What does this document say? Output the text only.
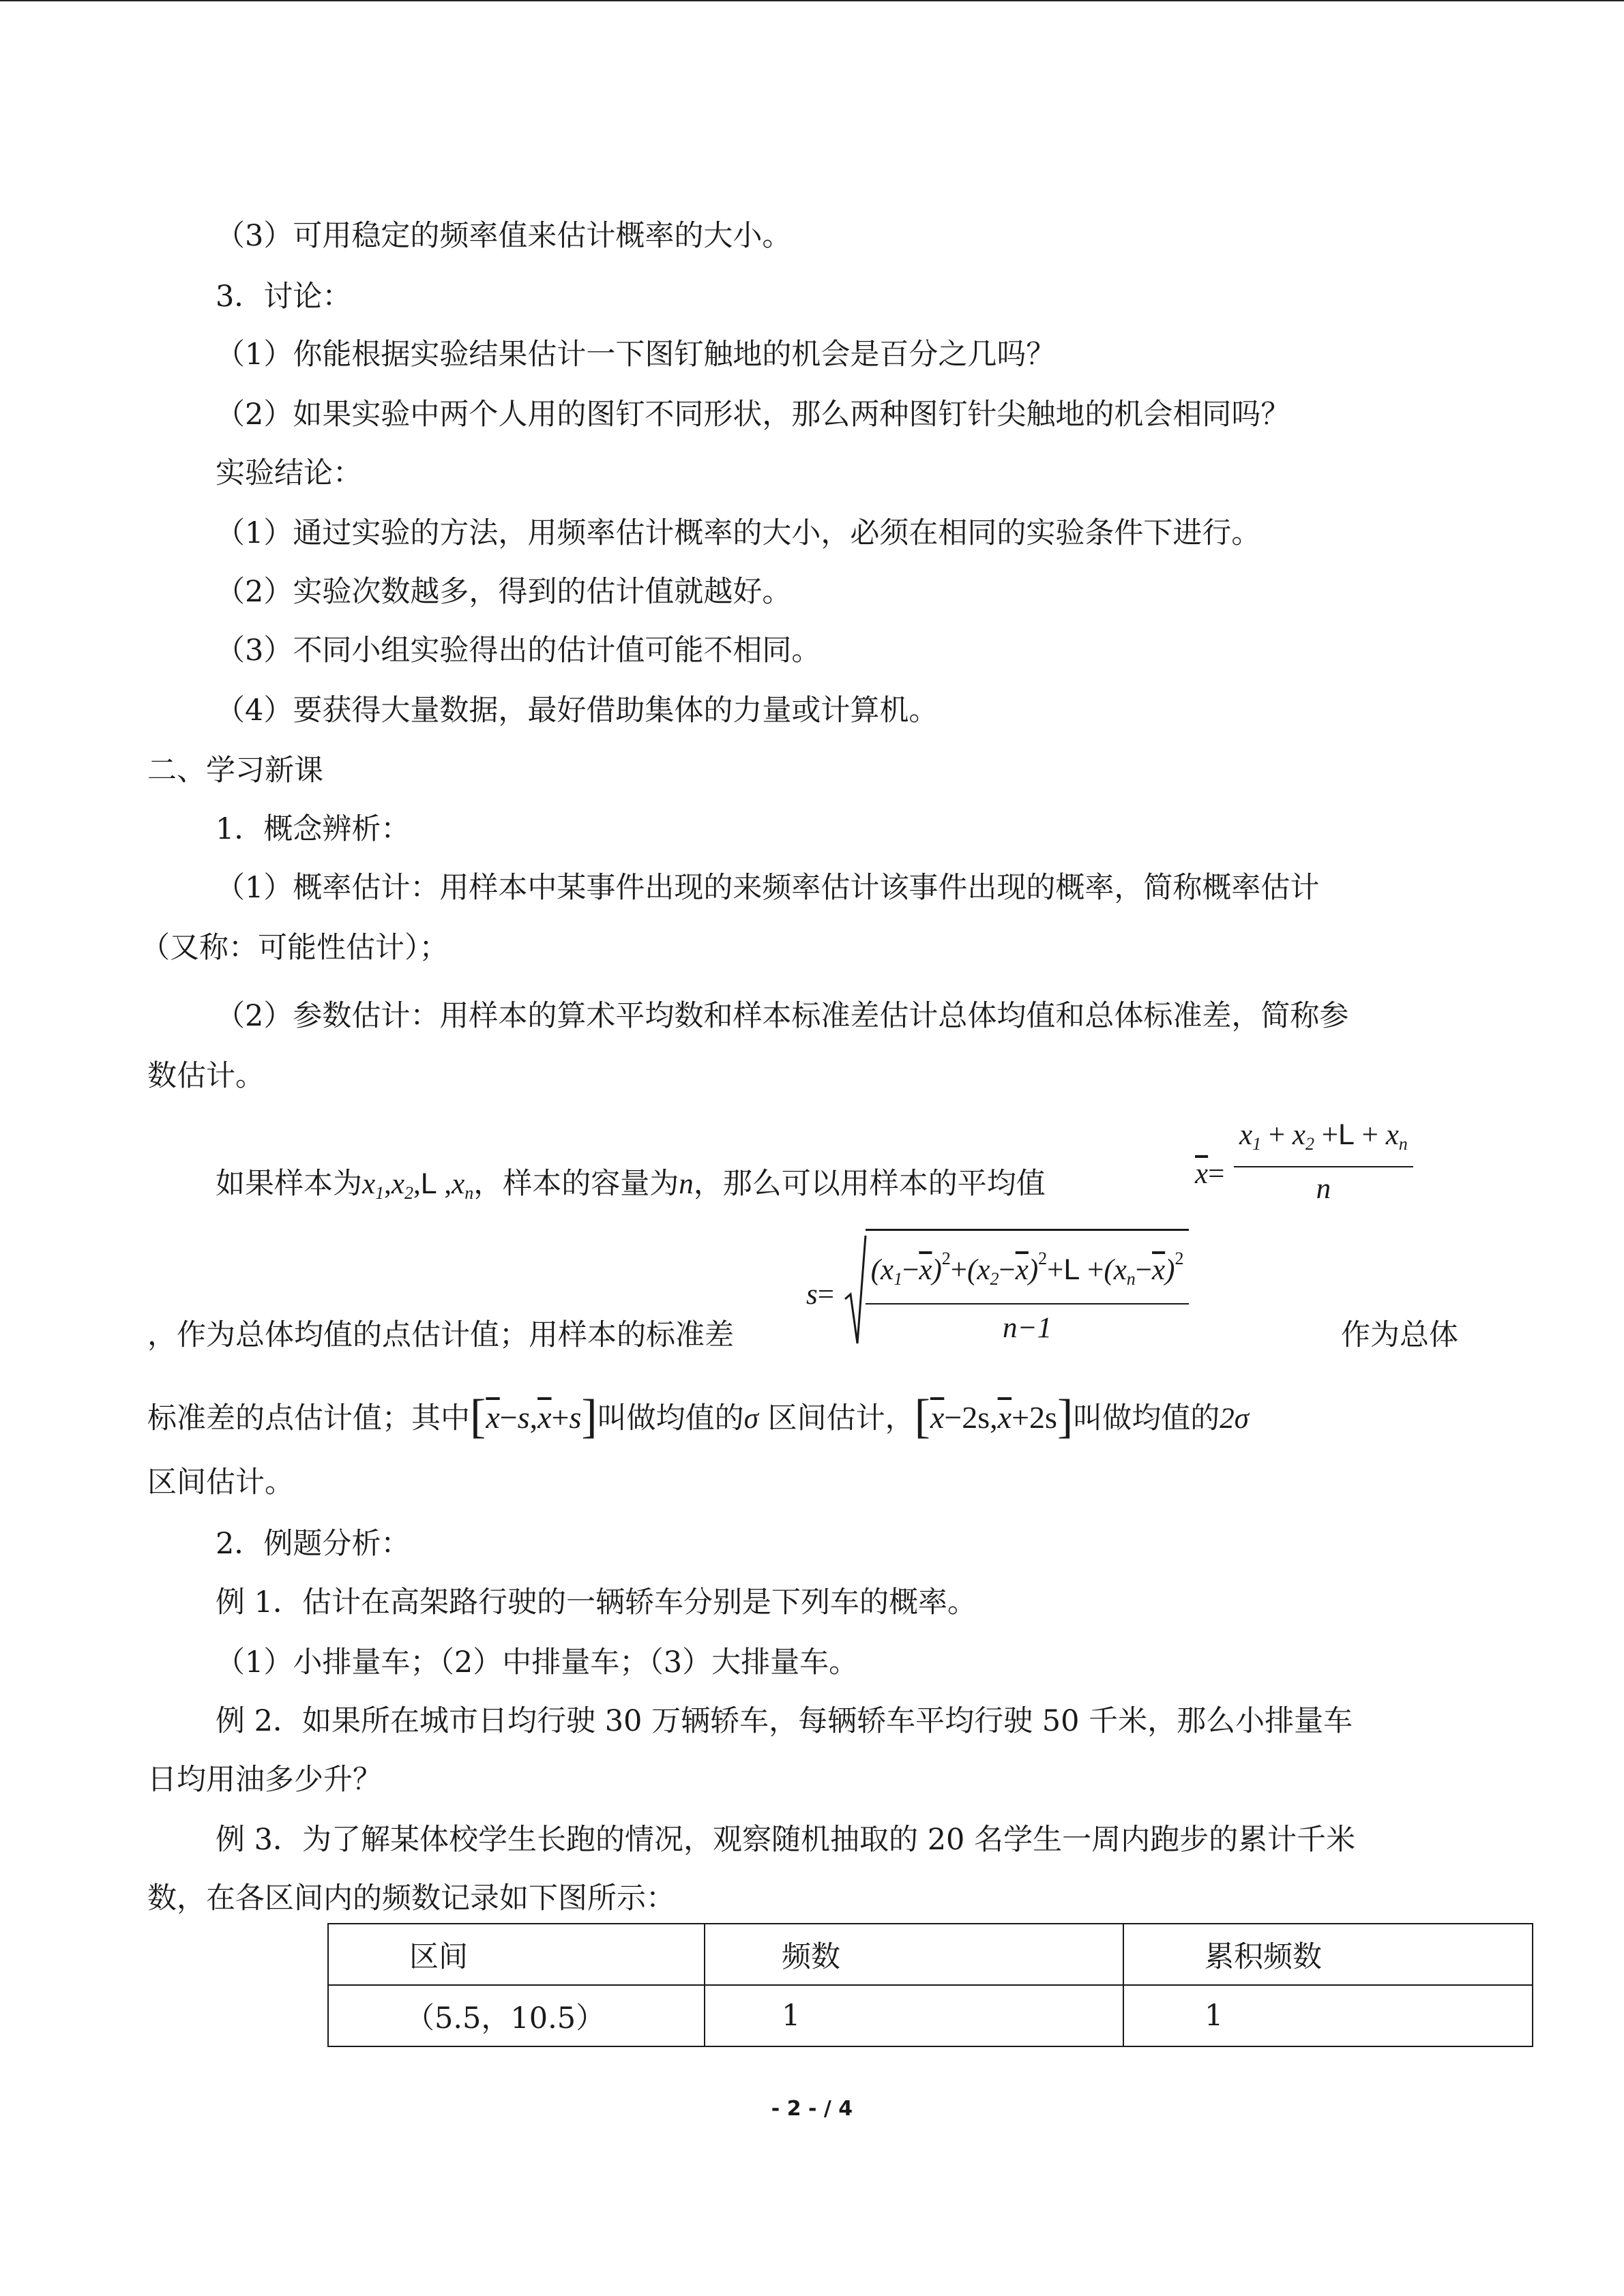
（3）可用稳定的频率值来估计概率的大小。
3．讨论：
（1）你能根据实验结果估计一下图钉触地的机会是百分之几吗？
（2）如果实验中两个人用的图钉不同形状，那么两种图钉针尖触地的机会相同吗？
实验结论：
（1）通过实验的方法，用频率估计概率的大小，必须在相同的实验条件下进行。
（2）实验次数越多，得到的估计值就越好。
（3）不同小组实验得出的估计值可能不相同。
（4）要获得大量数据，最好借助集体的力量或计算机。
二、学习新课
1．概念辨析：
（1）概率估计：用样本中某事件出现的来频率估计该事件出现的概率，简称概率估计
（又称：可能性估计）；
（2）参数估计：用样本的算术平均数和样本标准差估计总体均值和总体标准差，简称参
数估计。
如果样本为$x_1,x_2,L$ $,x_n$，样本的容量为n，那么可以用样本的平均值	$\overline{x}= \frac{x_1 + x_2 +L + x_n}{n}$
，作为总体均值的点估计值；用样本的标准差
$s= \frac{(x_1-\overline{x})^2+(x_2-\overline{x})^2+L +(x_n-\overline{x})^2}{n-1}$	作为总体
标准差的点估计值；其中$[\overline{x}-s,\overline{x}+s]$叫做均值的σ 区间估计，$[\overline{x}-2s,\overline{x}+2s]$叫做均值的2σ
区间估计。
2．例题分析：
例 1．估计在高架路行驶的一辆轿车分别是下列车的概率。
（1）小排量车；（2）中排量车；（3）大排量车。
例 2．如果所在城市日均行驶 30 万辆轿车，每辆轿车平均行驶 50 千米，那么小排量车
日均用油多少升？
例 3．为了解某体校学生长跑的情况，观察随机抽取的 20 名学生一周内跑步的累计千米
数，在各区间内的频数记录如下图所示：
区间	频数	累积频数
（5.5，10.5）	1	1
- 2 - / 4
